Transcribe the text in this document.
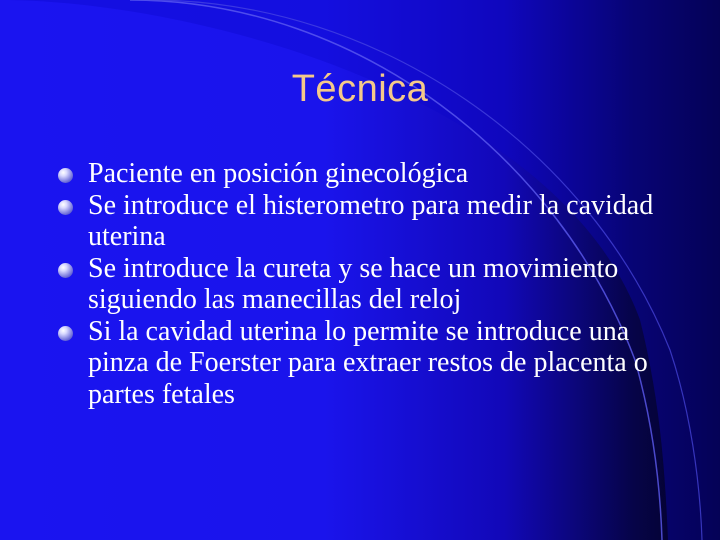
Técnica
Paciente en posición ginecológica
Se introduce el histerometro para medir la cavidad uterina
Se introduce la cureta y se hace un movimiento siguiendo las manecillas del reloj
Si la cavidad uterina lo permite se introduce una pinza de Foerster para extraer restos de placenta o partes fetales
